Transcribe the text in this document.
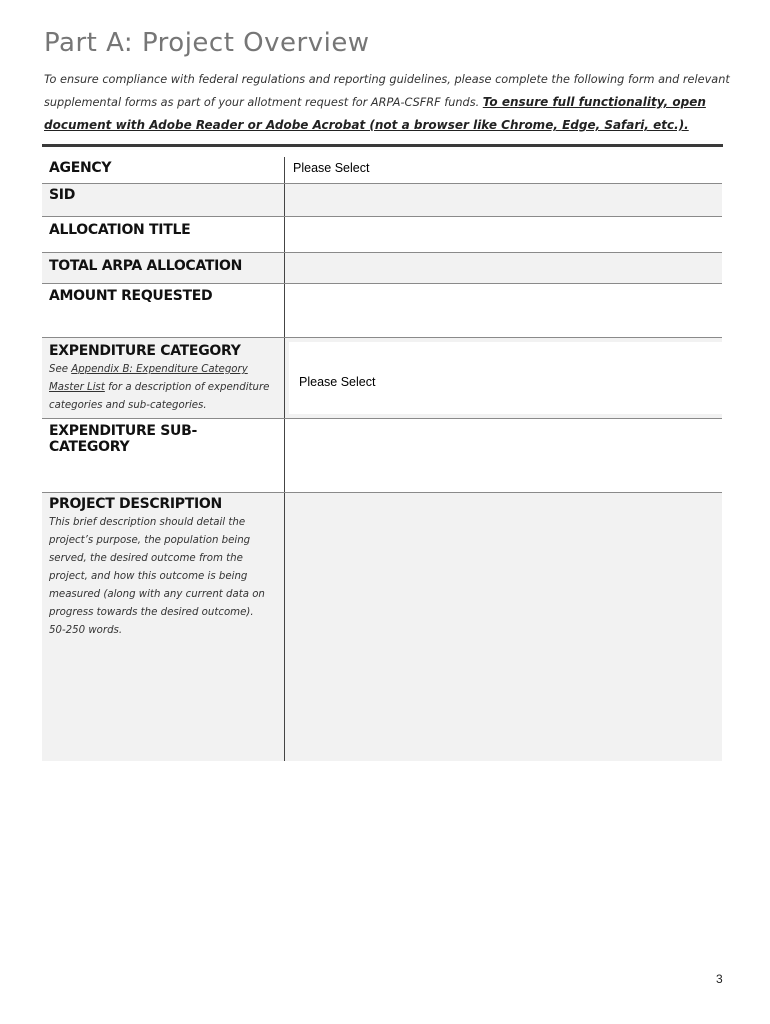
Part A: Project Overview
To ensure compliance with federal regulations and reporting guidelines, please complete the following form and relevant supplemental forms as part of your allotment request for ARPA-CSFRF funds. To ensure full functionality, open document with Adobe Reader or Adobe Acrobat (not a browser like Chrome, Edge, Safari, etc.).
AGENCY	Please Select
SID
ALLOCATION TITLE
TOTAL ARPA ALLOCATION
AMOUNT REQUESTED
EXPENDITURE CATEGORY
See Appendix B: Expenditure Category Master List for a description of expenditure categories and sub-categories.
Please Select
EXPENDITURE SUB-CATEGORY
PROJECT DESCRIPTION
This brief description should detail the project’s purpose, the population being served, the desired outcome from the project, and how this outcome is being measured (along with any current data on progress towards the desired outcome). 50-250 words.
3
